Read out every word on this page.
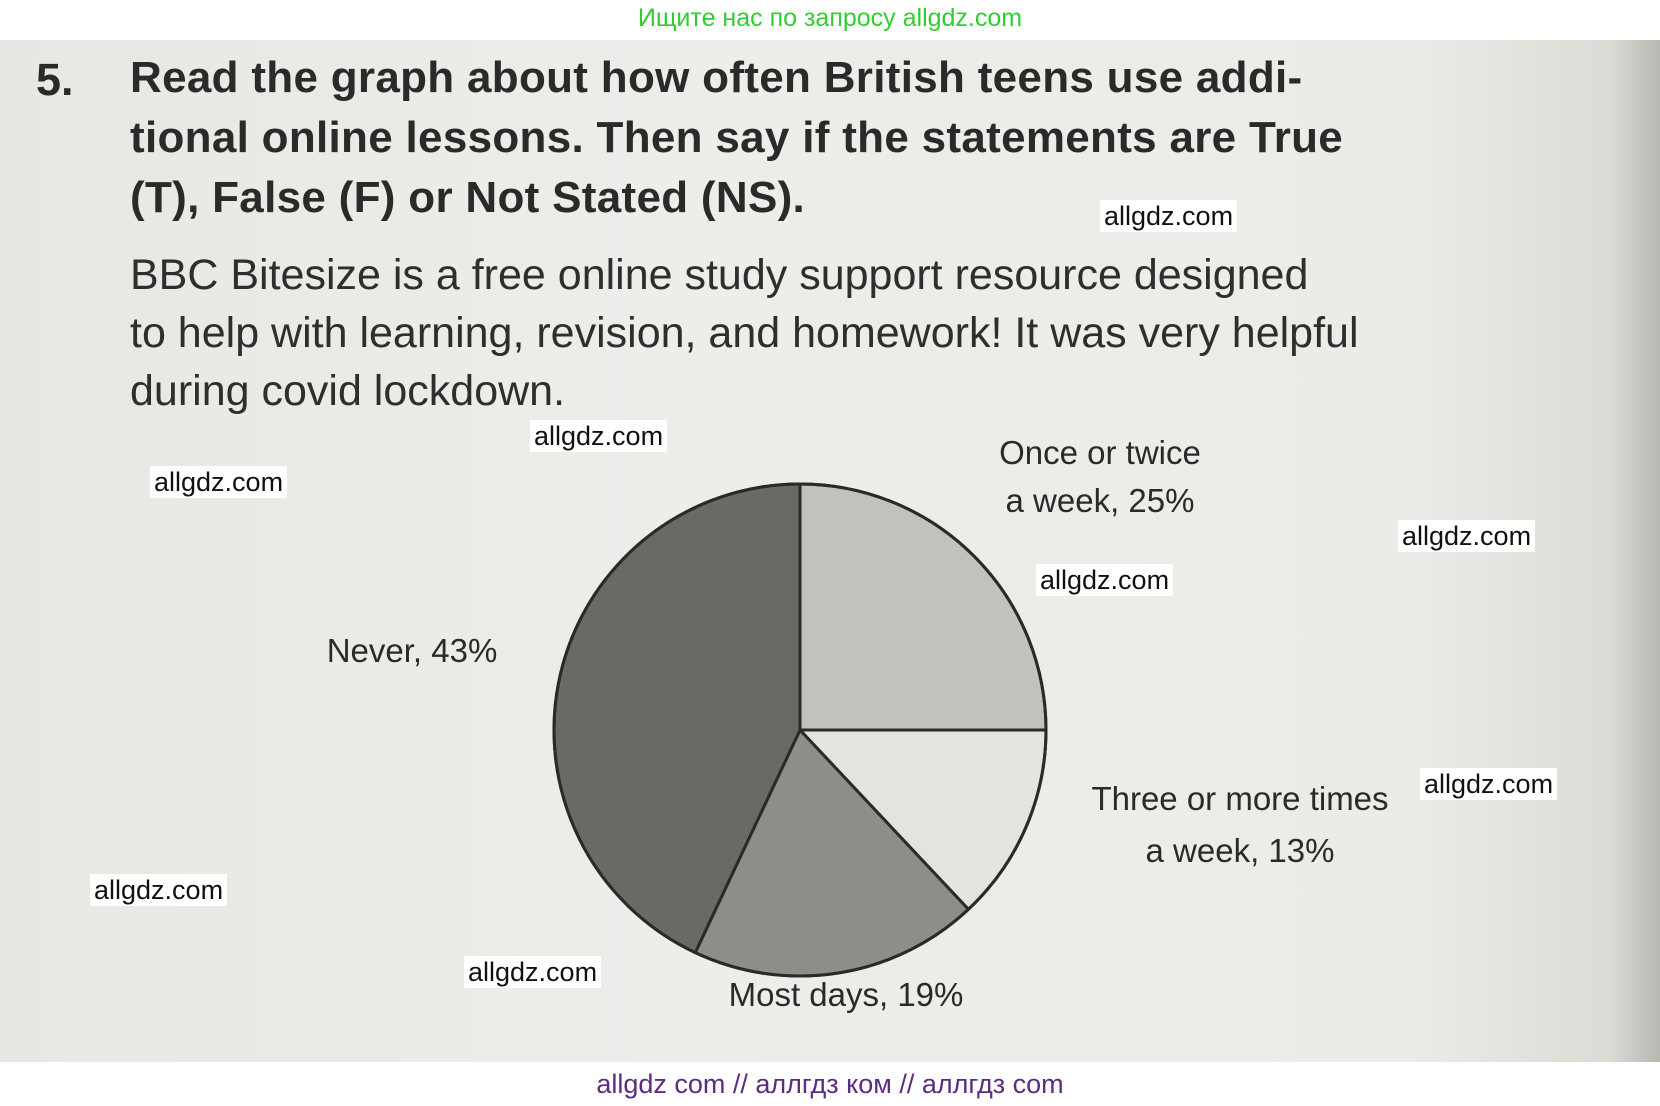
Ищите нас по запросу allgdz.com
5. Read the graph about how often British teens use addi-
tional online lessons. Then say if the statements are True
(T), False (F) or Not Stated (NS).
BBC Bitesize is a free online study support resource designed
to help with learning, revision, and homework! It was very helpful
during covid lockdown.
Once or twice a week, 25%
Three or more times a week, 13%
Most days, 19%
Never, 43%
allgdz.com
allgdz.com
allgdz.com
allgdz.com
allgdz.com
allgdz.com
allgdz.com
allgdz.com
allgdz com // аллгдз ком // аллгдз com
